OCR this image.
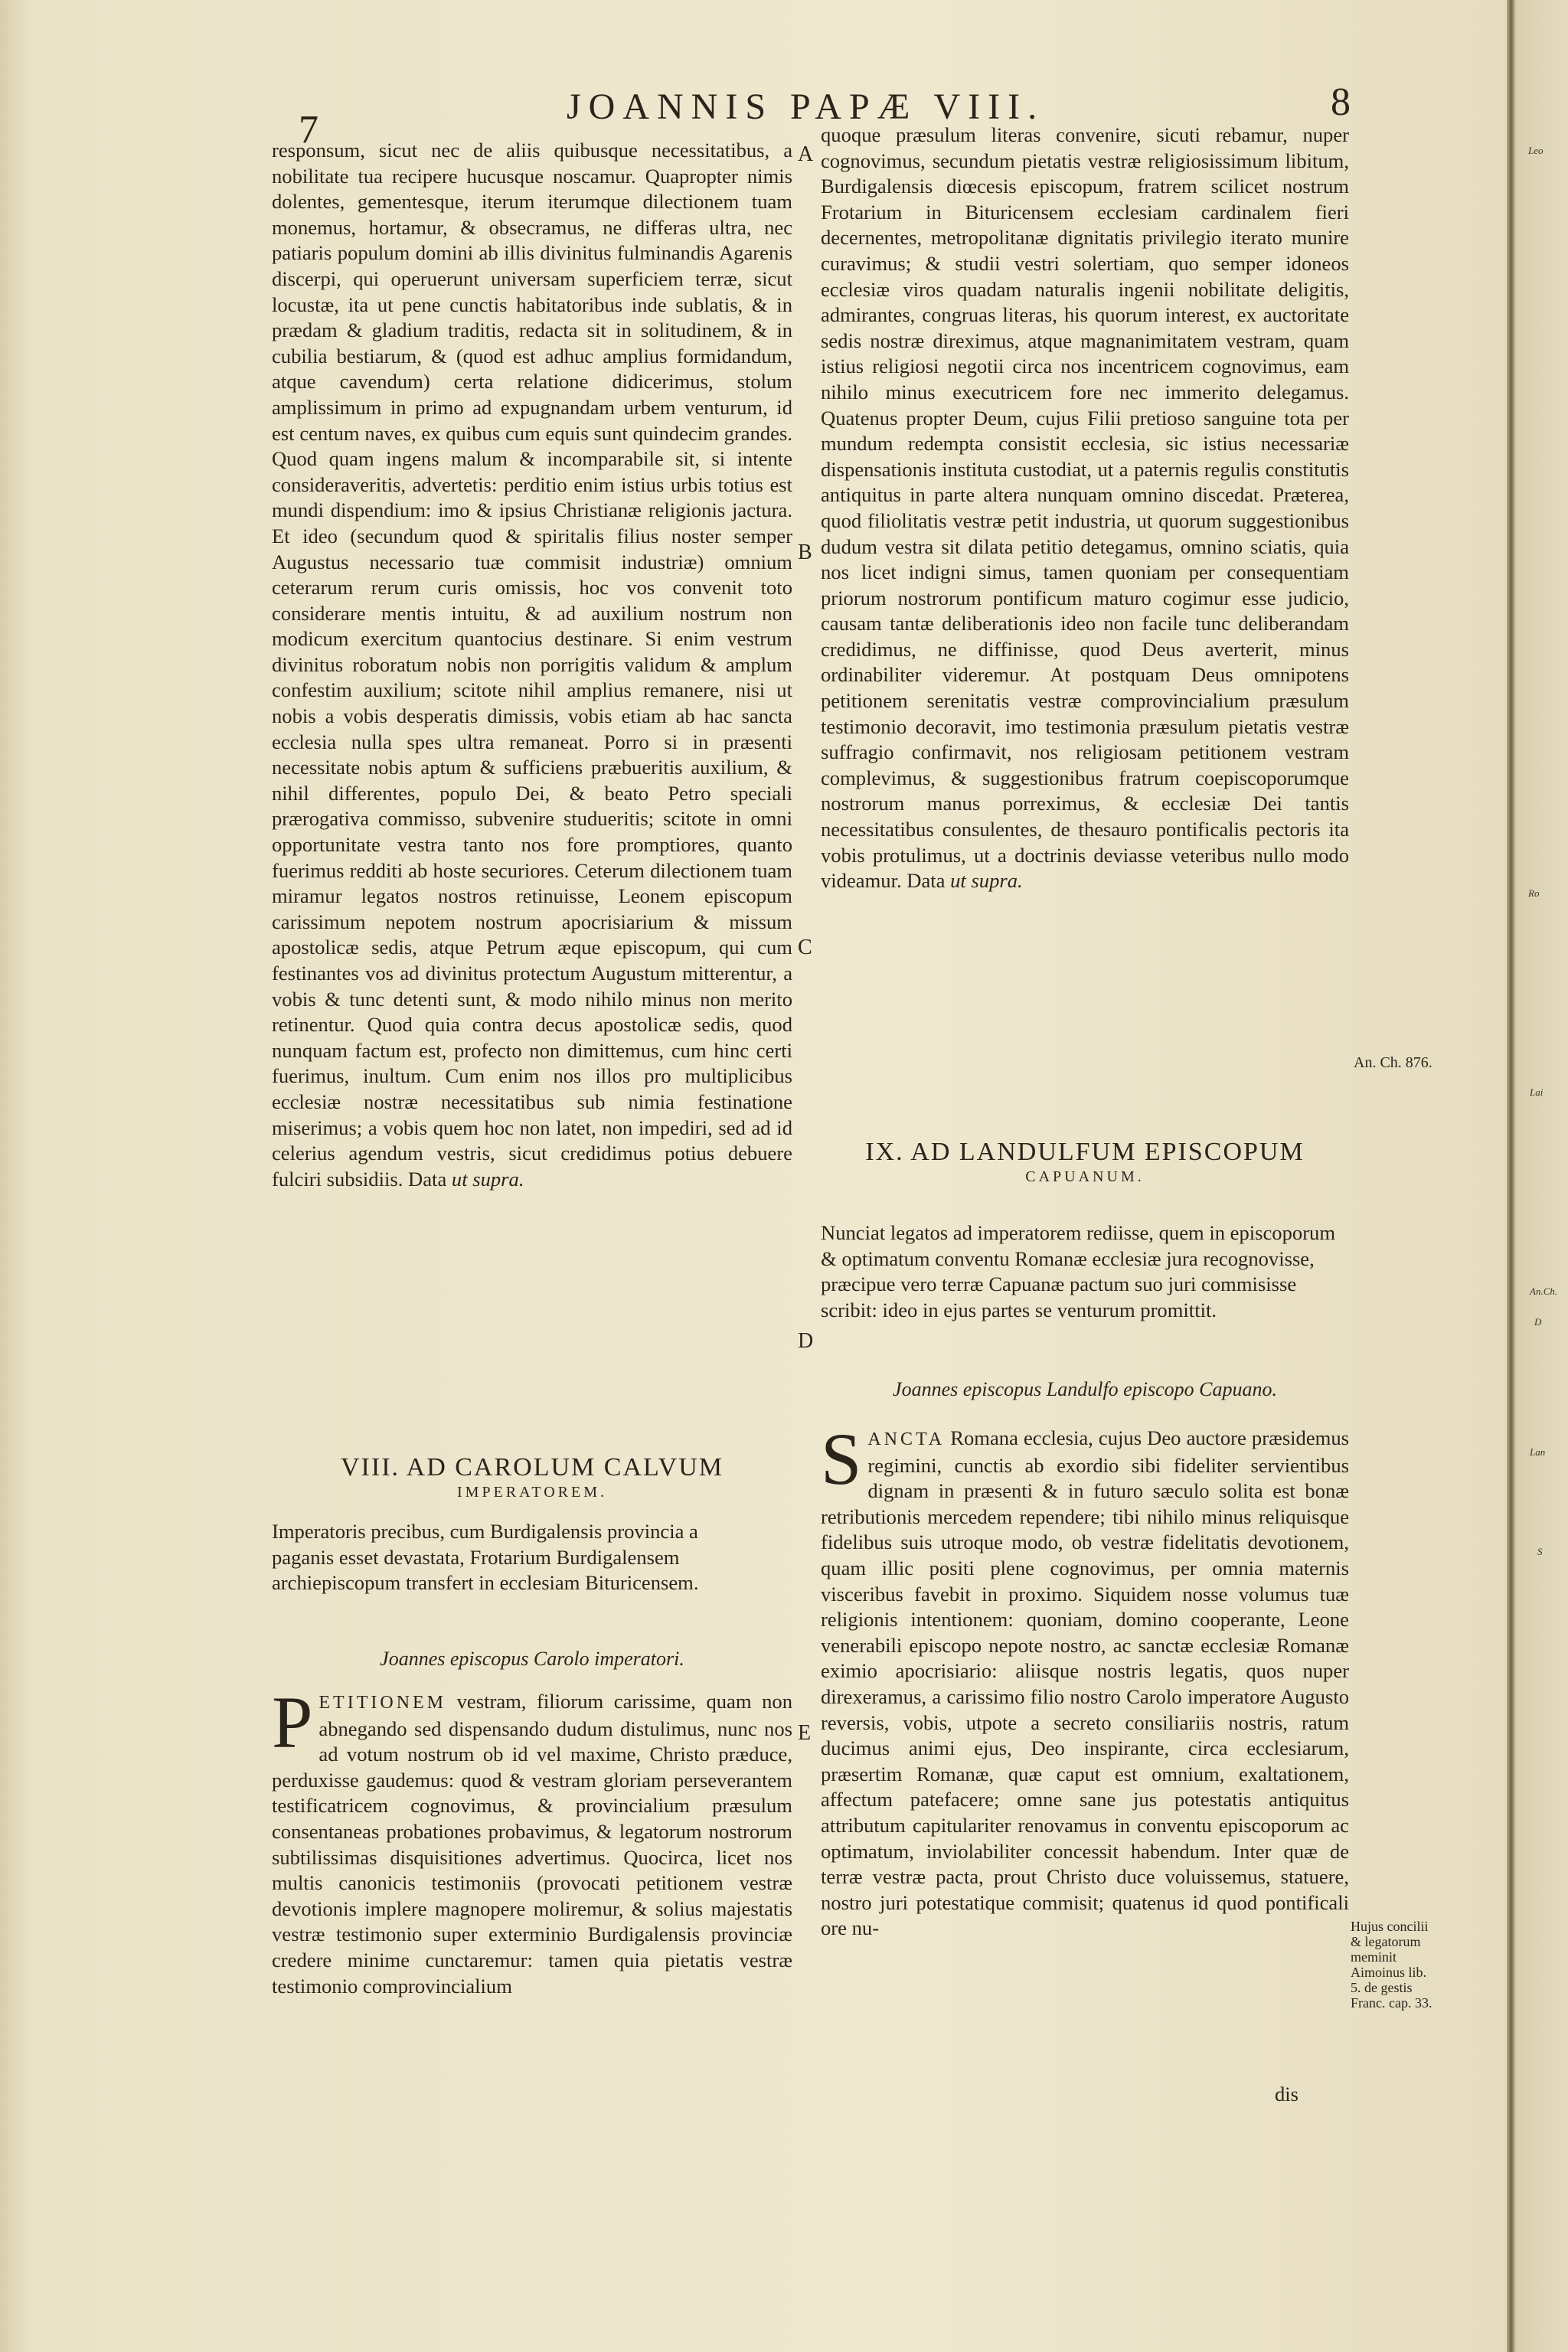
Leo
Ro
Lai
D
An.Ch.
Lan
S
7
JOANNIS PAPÆ VIII.	8
A
B
C
D
E

responsum, sicut nec de aliis quibusque necessitatibus, a nobilitate tua recipere hucusque noscamur. Quapropter nimis dolentes, gementesque, iterum iterumque dilectionem tuam monemus, hortamur, & obsecramus, ne differas ultra, nec patiaris populum domini ab illis divinitus fulminandis Agarenis discerpi, qui operuerunt universam superficiem terræ, sicut locustæ, ita ut pene cunctis habitatoribus inde sublatis, & in prædam & gladium traditis, redacta sit in solitudinem, & in cubilia bestiarum, & (quod est adhuc amplius formidandum, atque cavendum) certa relatione didicerimus, stolum amplissimum in primo ad expugnandam urbem venturum, id est centum naves, ex quibus cum equis sunt quindecim grandes. Quod quam ingens malum & incomparabile sit, si intente consideraveritis, advertetis: perditio enim istius urbis totius est mundi dispendium: imo & ipsius Christianæ religionis jactura. Et ideo (secundum quod & spiritalis filius noster semper Augustus necessario tuæ commisit industriæ) omnium ceterarum rerum curis omissis, hoc vos convenit toto considerare mentis intuitu, & ad auxilium nostrum non modicum exercitum quantocius destinare. Si enim vestrum divinitus roboratum nobis non porrigitis validum & amplum confestim auxilium; scitote nihil amplius remanere, nisi ut nobis a vobis desperatis dimissis, vobis etiam ab hac sancta ecclesia nulla spes ultra remaneat. Porro si in præsenti necessitate nobis aptum & sufficiens præbueritis auxilium, & nihil differentes, populo Dei, & beato Petro speciali prærogativa commisso, subvenire studueritis; scitote in omni opportunitate vestra tanto nos fore promptiores, quanto fuerimus redditi ab hoste securiores. Ceterum dilectionem tuam miramur legatos nostros retinuisse, Leonem episcopum carissimum nepotem nostrum apocrisiarium & missum apostolicæ sedis, atque Petrum æque episcopum, qui cum festinantes vos ad divinitus protectum Augustum mitterentur, a vobis & tunc detenti sunt, & modo nihilo minus non merito retinentur. Quod quia contra decus apostolicæ sedis, quod nunquam factum est, profecto non dimittemus, cum hinc certi fuerimus, inultum. Cum enim nos illos pro multiplicibus ecclesiæ nostræ necessitatibus sub nimia festinatione miserimus; a vobis quem hoc non latet, non impediri, sed ad id celerius agendum vestris, sicut credidimus potius debuere fulciri subsidiis. Data ut supra.

VIII. AD CAROLUM CALVUM
IMPERATOREM.
Imperatoris precibus, cum Burdigalensis provincia a paganis esset devastata, Frotarium Burdigalensem archiepiscopum transfert in ecclesiam Bituricensem.
Joannes episcopus Carolo imperatori.

PETITIONEM vestram, filiorum carissime, quam non abnegando sed dispensando dudum distulimus, nunc nos ad votum nostrum ob id vel maxime, Christo præduce, perduxisse gaudemus: quod & vestram gloriam perseverantem testificatricem cognovimus, & provincialium præsulum consentaneas probationes probavimus, & legatorum nostrorum subtilissimas disquisitiones advertimus. Quocirca, licet nos multis canonicis testimoniis (provocati petitionem vestræ devotionis implere magnopere moliremur, & solius majestatis vestræ testimonio super exterminio Burdigalensis provinciæ credere minime cunctaremur: tamen quia pietatis vestræ testimonio comprovincialium

quoque præsulum literas convenire, sicuti rebamur, nuper cognovimus, secundum pietatis vestræ religiosissimum libitum, Burdigalensis diœcesis episcopum, fratrem scilicet nostrum Frotarium in Bituricensem ecclesiam cardinalem fieri decernentes, metropolitanæ dignitatis privilegio iterato munire curavimus; & studii vestri solertiam, quo semper idoneos ecclesiæ viros quadam naturalis ingenii nobilitate deligitis, admirantes, congruas literas, his quorum interest, ex auctoritate sedis nostræ direximus, atque magnanimitatem vestram, quam istius religiosi negotii circa nos incentricem cognovimus, eam nihilo minus executricem fore nec immerito delegamus. Quatenus propter Deum, cujus Filii pretioso sanguine tota per mundum redempta consistit ecclesia, sic istius necessariæ dispensationis instituta custodiat, ut a paternis regulis constitutis antiquitus in parte altera nunquam omnino discedat. Præterea, quod filiolitatis vestræ petit industria, ut quorum suggestionibus dudum vestra sit dilata petitio detegamus, omnino sciatis, quia nos licet indigni simus, tamen quoniam per consequentiam priorum nostrorum pontificum maturo cogimur esse judicio, causam tantæ deliberationis ideo non facile tunc deliberandam credidimus, ne diffinisse, quod Deus averterit, minus ordinabiliter videremur. At postquam Deus omnipotens petitionem serenitatis vestræ comprovincialium præsulum testimonio decoravit, imo testimonia præsulum pietatis vestræ suffragio confirmavit, nos religiosam petitionem vestram complevimus, & suggestionibus fratrum coepiscoporumque nostrorum manus porreximus, & ecclesiæ Dei tantis necessitatibus consulentes, de thesauro pontificalis pectoris ita vobis protulimus, ut a doctrinis deviasse veteribus nullo modo videamur. Data ut supra.

IX. AD LANDULFUM EPISCOPUM
CAPUANUM.
Nunciat legatos ad imperatorem rediisse, quem in episcoporum & optimatum conventu Romanæ ecclesiæ jura recognovisse, præcipue vero terræ Capuanæ pactum suo juri commisisse scribit: ideo in ejus partes se venturum promittit.
Joannes episcopus Landulfo episcopo Capuano.

SANCTA Romana ecclesia, cujus Deo auctore præsidemus regimini, cunctis ab exordio sibi fideliter servientibus dignam in præsenti & in futuro sæculo solita est bonæ retributionis mercedem rependere; tibi nihilo minus reliquisque fidelibus suis utroque modo, ob vestræ fidelitatis devotionem, quam illic positi plene cognovimus, per omnia maternis visceribus favebit in proximo. Siquidem nosse volumus tuæ religionis intentionem: quoniam, domino cooperante, Leone venerabili episcopo nepote nostro, ac sanctæ ecclesiæ Romanæ eximio apocrisiario: aliisque nostris legatis, quos nuper direxeramus, a carissimo filio nostro Carolo imperatore Augusto reversis, vobis, utpote a secreto consiliariis nostris, ratum ducimus animi ejus, Deo inspirante, circa ecclesiarum, præsertim Romanæ, quæ caput est omnium, exaltationem, affectum patefacere; omne sane jus potestatis antiquitus attributum capitulariter renovamus in conventu episcoporum ac optimatum, inviolabiliter concessit habendum. Inter quæ de terræ vestræ pacta, prout Christo duce voluissemus, statuere, nostro juri potestatique commisit; quatenus id quod pontificali ore nu-

dis
An. Ch. 876.
Hujus concilii & legatorum meminit Aimoinus lib. 5. de gestis Franc. cap. 33.
